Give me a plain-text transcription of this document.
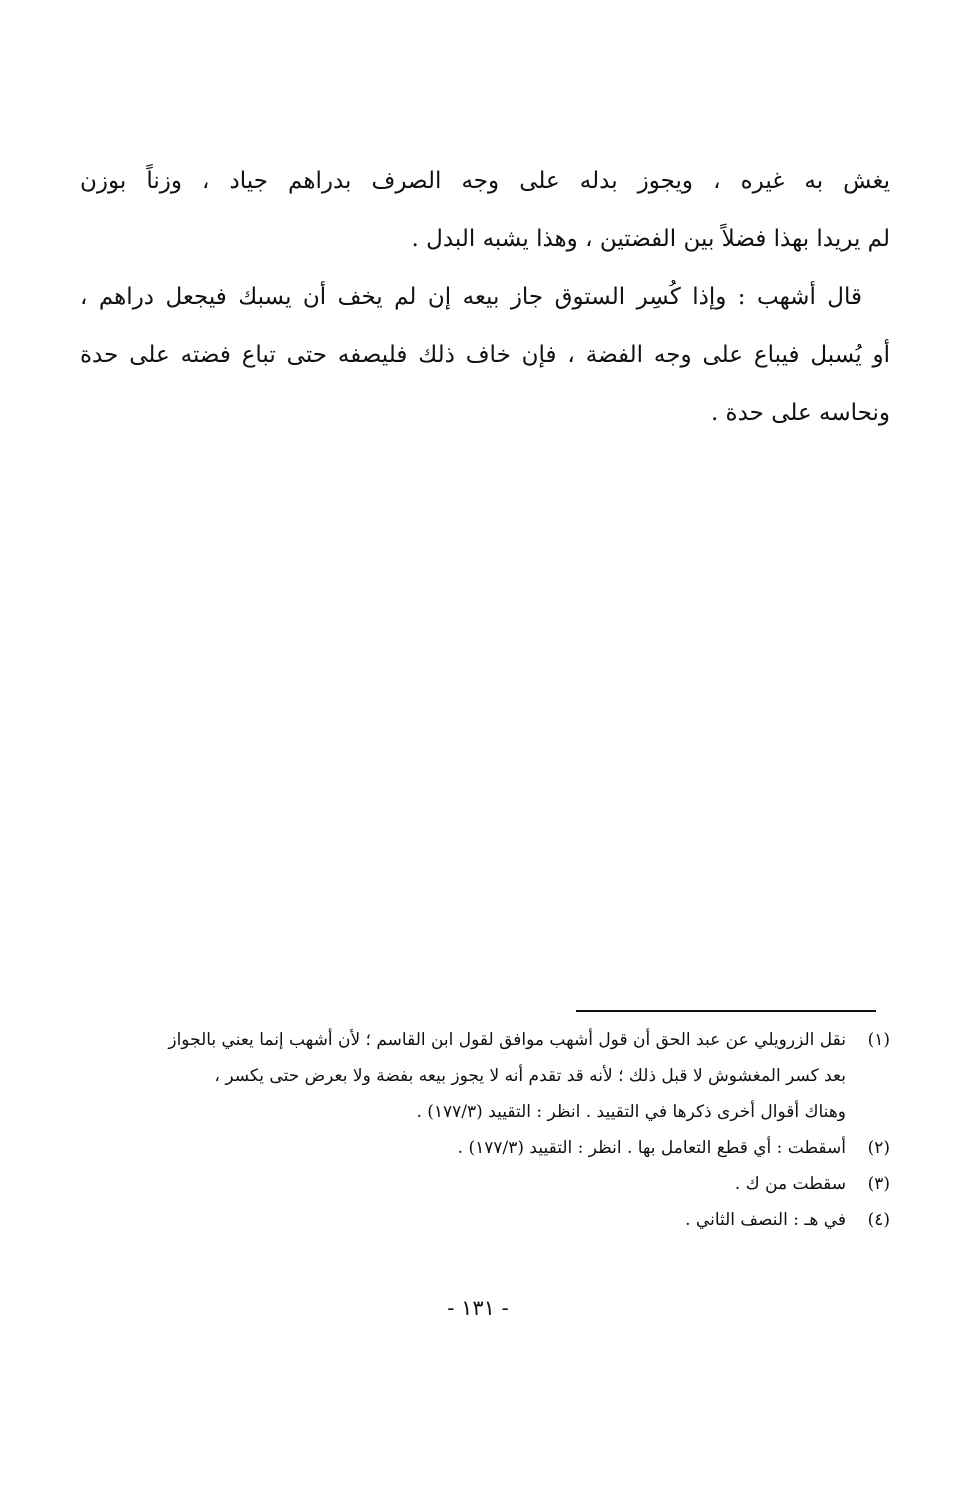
يغش به غيره ، ويجوز بدله على وجه الصرف بدراهم جياد ، وزناً بوزن
لم يريدا بهذا فضلاً بين الفضتين ، وهذا يشبه البدل .
قال أشهب : وإذا كُسِر الستوق جاز بيعه إن لم يخف أن يسبك فيجعل دراهم ،
أو يُسبل فيباع على وجه الفضة ، فإن خاف ذلك فليصفه حتى تباع فضته على حدة
ونحاسه على حدة .
(١)نقل الزرويلي عن عبد الحق أن قول أشهب موافق لقول ابن القاسم ؛ لأن أشهب إنما يعني بالجواز
بعد كسر المغشوش لا قبل ذلك ؛ لأنه قد تقدم أنه لا يجوز بيعه بفضة ولا بعرض حتى يكسر ،
وهناك أقوال أخرى ذكرها في التقييد . انظر : التقييد (١٧٧/٣) .
(٢)أسقطت : أي قطع التعامل بها . انظر : التقييد (١٧٧/٣) .
(٣)سقطت من ك .
(٤)في هـ : النصف الثاني .
- ١٣١ -
